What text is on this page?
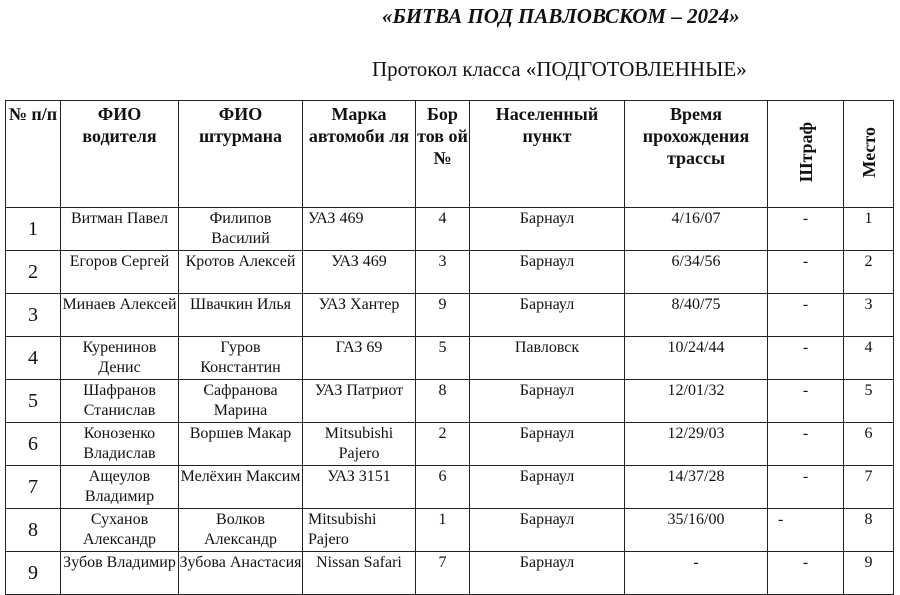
«БИТВА ПОД ПАВЛОВСКОМ – 2024»
Протокол класса «ПОДГОТОВЛЕННЫЕ»
№ п/п	ФИО водителя	ФИО штурмана	Марка автомоби ля	Бор тов ой №	Населенный пункт	Время прохождения трассы	Штраф	Место
1	Витман Павел	Филипов Василий	УАЗ 469	4	Барнаул	4/16/07	-	1
2	Егоров Сергей	Кротов Алексей	УАЗ 469	3	Барнаул	6/34/56	-	2
3	Минаев Алексей	Швачкин Илья	УАЗ Хантер	9	Барнаул	8/40/75	-	3
4	Куренинов Денис	Гуров Константин	ГАЗ 69	5	Павловск	10/24/44	-	4
5	Шафранов Станислав	Сафранова Марина	УАЗ Патриот	8	Барнаул	12/01/32	-	5
6	Конозенко Владислав	Воршев Макар	Mitsubishi Pajero	2	Барнаул	12/29/03	-	6
7	Ащеулов Владимир	Мелёхин Максим	УАЗ 3151	6	Барнаул	14/37/28	-	7
8	Суханов Александр	Волков Александр	Mitsubishi Pajero	1	Барнаул	35/16/00	-	8
9	Зубов Владимир	Зубова Анастасия	Nissan Safari	7	Барнаул	-	-	9
